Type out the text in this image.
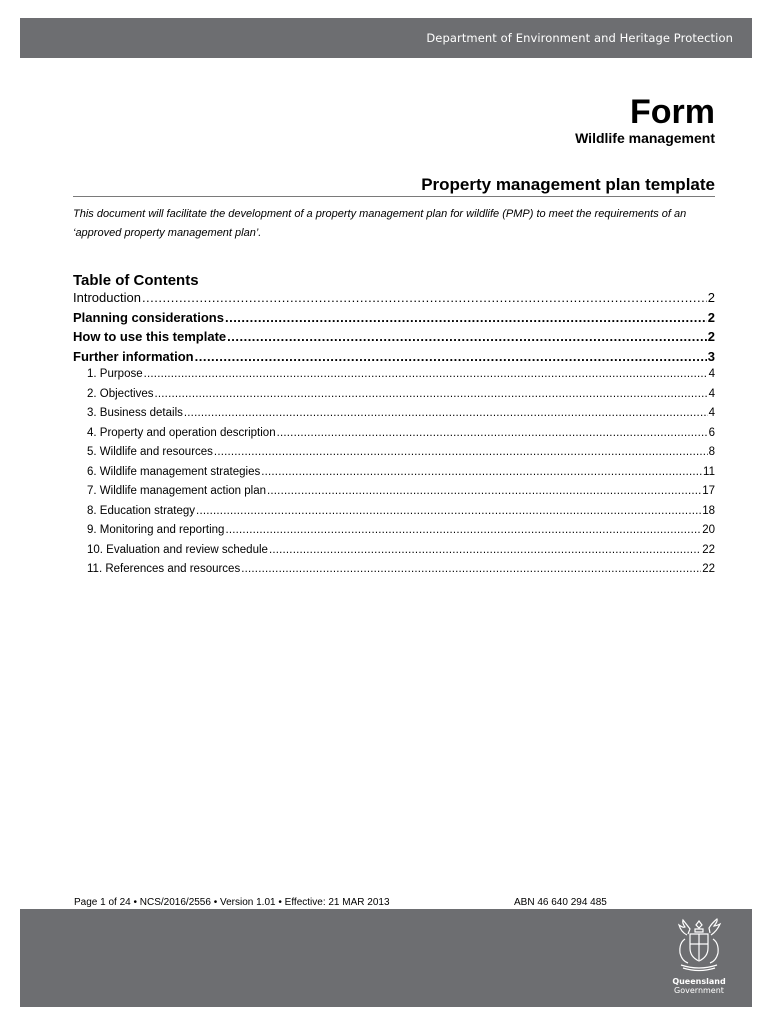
Department of Environment and Heritage Protection
Form
Wildlife management
Property management plan template
This document will facilitate the development of a property management plan for wildlife (PMP) to meet the requirements of an ‘approved property management plan’.
Table of Contents
Introduction .....	2
Planning considerations .....	2
How to use this template .....	2
Further information .....	3
1. Purpose .....	4
2. Objectives .....	4
3. Business details .....	4
4. Property and operation description .....	6
5. Wildlife and resources .....	8
6. Wildlife management strategies .....	11
7. Wildlife management action plan .....	17
8. Education strategy .....	18
9. Monitoring and reporting .....	20
10. Evaluation and review schedule .....	22
11. References and resources .....	22
Page 1 of 24 • NCS/2016/2556 • Version 1.01 • Effective: 21 MAR 2013	ABN 46 640 294 485
Queensland
Government
